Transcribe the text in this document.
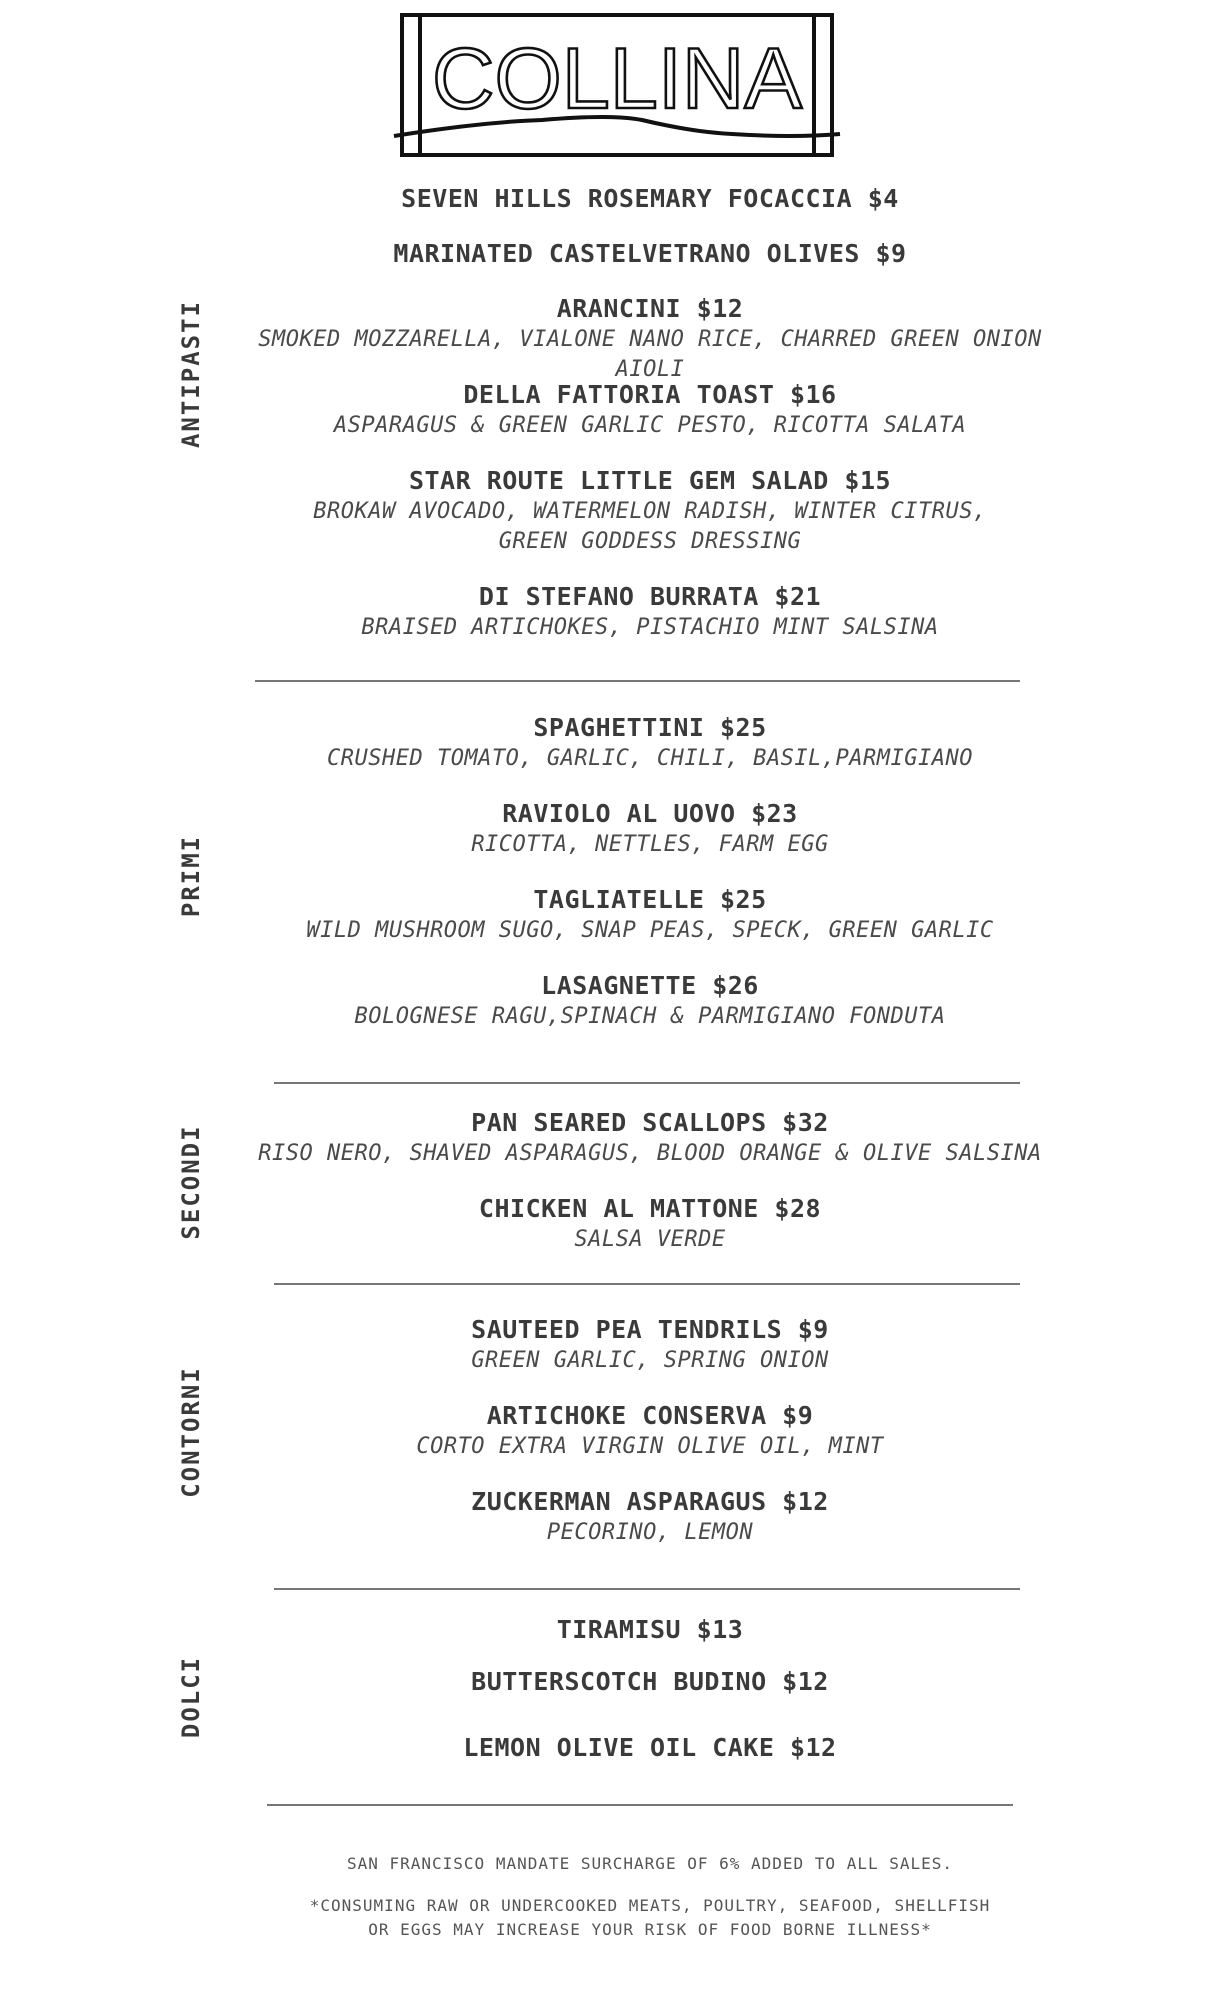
COLLINA
ANTIPASTI
PRIMI
SECONDI
CONTORNI
DOLCI
SEVEN HILLS ROSEMARY FOCACCIA $4
MARINATED CASTELVETRANO OLIVES $9
ARANCINI $12
SMOKED MOZZARELLA, VIALONE NANO RICE, CHARRED GREEN ONION AIOLI
DELLA FATTORIA TOAST $16
ASPARAGUS & GREEN GARLIC PESTO, RICOTTA SALATA
STAR ROUTE LITTLE GEM SALAD $15
BROKAW AVOCADO, WATERMELON RADISH, WINTER CITRUS,
GREEN GODDESS DRESSING
DI STEFANO BURRATA $21
BRAISED ARTICHOKES, PISTACHIO MINT SALSINA
SPAGHETTINI $25
CRUSHED TOMATO, GARLIC, CHILI, BASIL,PARMIGIANO
RAVIOLO AL UOVO $23
RICOTTA, NETTLES, FARM EGG
TAGLIATELLE $25
WILD MUSHROOM SUGO, SNAP PEAS, SPECK, GREEN GARLIC
LASAGNETTE $26
BOLOGNESE RAGU,SPINACH & PARMIGIANO FONDUTA
PAN SEARED SCALLOPS $32
RISO NERO, SHAVED ASPARAGUS, BLOOD ORANGE & OLIVE SALSINA
CHICKEN AL MATTONE $28
SALSA VERDE
SAUTEED PEA TENDRILS $9
GREEN GARLIC, SPRING ONION
ARTICHOKE CONSERVA $9
CORTO EXTRA VIRGIN OLIVE OIL, MINT
ZUCKERMAN ASPARAGUS $12
PECORINO, LEMON
TIRAMISU $13
BUTTERSCOTCH BUDINO $12
LEMON OLIVE OIL CAKE $12
SAN FRANCISCO MANDATE SURCHARGE OF 6% ADDED TO ALL SALES.
*CONSUMING RAW OR UNDERCOOKED MEATS, POULTRY, SEAFOOD, SHELLFISH
OR EGGS MAY INCREASE YOUR RISK OF FOOD BORNE ILLNESS*
